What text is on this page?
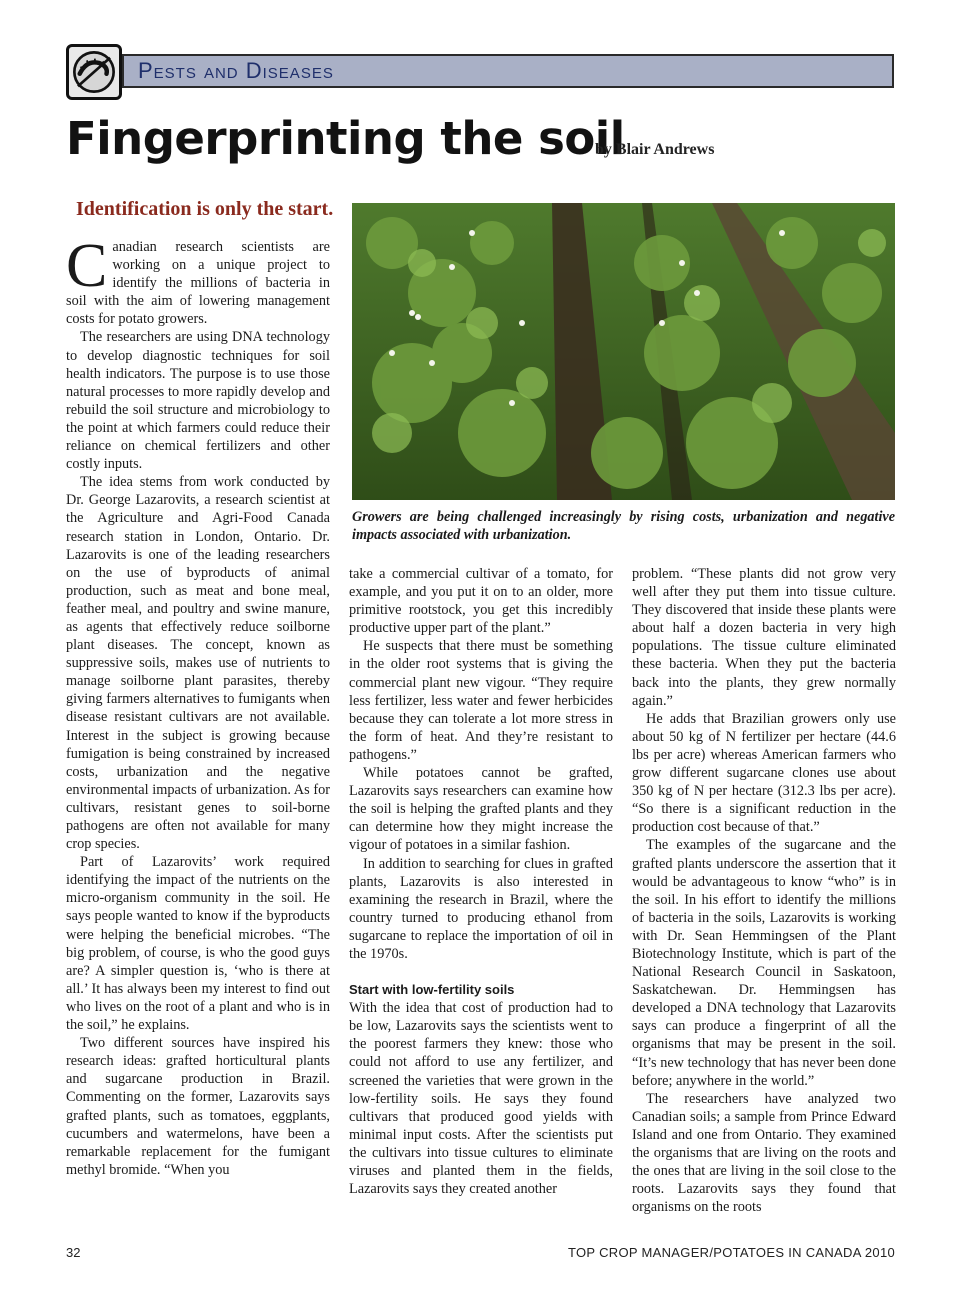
Pests and Diseases
Fingerprinting the soil
by Blair Andrews
Identification is only the start.
Growers are being challenged increasingly by rising costs, urbanization and negative impacts associated with urbanization.

Canadian research scientists are working on a unique project to identify the millions of bacteria in soil with the aim of lowering management costs for potato growers.

The researchers are using DNA technology to develop diagnostic techniques for soil health indicators. The purpose is to use those natural processes to more rapidly develop and rebuild the soil structure and microbiology to the point at which farmers could reduce their reliance on chemical fertilizers and other costly inputs.

The idea stems from work conducted by Dr. George Lazarovits, a research scientist at the Agriculture and Agri-Food Canada research station in London, Ontario. Dr. Lazarovits is one of the leading researchers on the use of byproducts of animal production, such as meat and bone meal, feather meal, and poultry and swine manure, as agents that effectively reduce soilborne plant diseases. The concept, known as suppressive soils, makes use of nutrients to manage soilborne plant parasites, thereby giving farmers alternatives to fumigants when disease resistant cultivars are not available. Interest in the subject is growing because fumigation is being constrained by increased costs, urbanization and the negative environmental impacts of urbanization. As for cultivars, resistant genes to soil-borne pathogens are often not available for many crop species.

Part of Lazarovits’ work required identifying the impact of the nutrients on the micro-organism community in the soil. He says people wanted to know if the byproducts were helping the beneficial microbes. “The big problem, of course, is who the good guys are? A simpler question is, ‘who is there at all.’ It has always been my interest to find out who lives on the root of a plant and who is in the soil,” he explains.

Two different sources have inspired his research ideas: grafted horticultural plants and sugarcane production in Brazil. Commenting on the former, Lazarovits says grafted plants, such as tomatoes, eggplants, cucumbers and watermelons, have been a remarkable replacement for the fumigant methyl bromide. “When you

take a commercial cultivar of a tomato, for example, and you put it on to an older, more primitive rootstock, you get this incredibly productive upper part of the plant.”

He suspects that there must be something in the older root systems that is giving the commercial plant new vigour. “They require less fertilizer, less water and fewer herbicides because they can tolerate a lot more stress in the form of heat. And they’re resistant to pathogens.”

While potatoes cannot be grafted, Lazarovits says researchers can examine how the soil is helping the grafted plants and they can determine how they might increase the vigour of potatoes in a similar fashion.

In addition to searching for clues in grafted plants, Lazarovits is also interested in examining the research in Brazil, where the country turned to producing ethanol from sugarcane to replace the importation of oil in the 1970s.

Start with low-fertility soils

With the idea that cost of production had to be low, Lazarovits says the scientists went to the poorest farmers they knew: those who could not afford to use any fertilizer, and screened the varieties that were grown in the low-fertility soils. He says they found cultivars that produced good yields with minimal input costs. After the scientists put the cultivars into tissue cultures to eliminate viruses and planted them in the fields, Lazarovits says they created another

problem. “These plants did not grow very well after they put them into tissue culture. They discovered that inside these plants were about half a dozen bacteria in very high populations. The tissue culture eliminated these bacteria. When they put the bacteria back into the plants, they grew normally again.”

He adds that Brazilian growers only use about 50 kg of N fertilizer per hectare (44.6 lbs per acre) whereas American farmers who grow different sugarcane clones use about 350 kg of N per hectare (312.3 lbs per acre). “So there is a significant reduction in the production cost because of that.”

The examples of the sugarcane and the grafted plants underscore the assertion that it would be advantageous to know “who” is in the soil. In his effort to identify the millions of bacteria in the soils, Lazarovits is working with Dr. Sean Hemmingsen of the Plant Biotechnology Institute, which is part of the National Research Council in Saskatoon, Saskatchewan. Dr. Hemmingsen has developed a DNA technology that Lazarovits says can produce a fingerprint of all the organisms that may be present in the soil. “It’s new technology that has never been done before; anywhere in the world.”

The researchers have analyzed two Canadian soils; a sample from Prince Edward Island and one from Ontario. They examined the organisms that are living on the roots and the ones that are living in the soil close to the roots. Lazarovits says they found that organisms on the roots

32	TOP CROP MANAGER/POTATOES IN CANADA 2010
